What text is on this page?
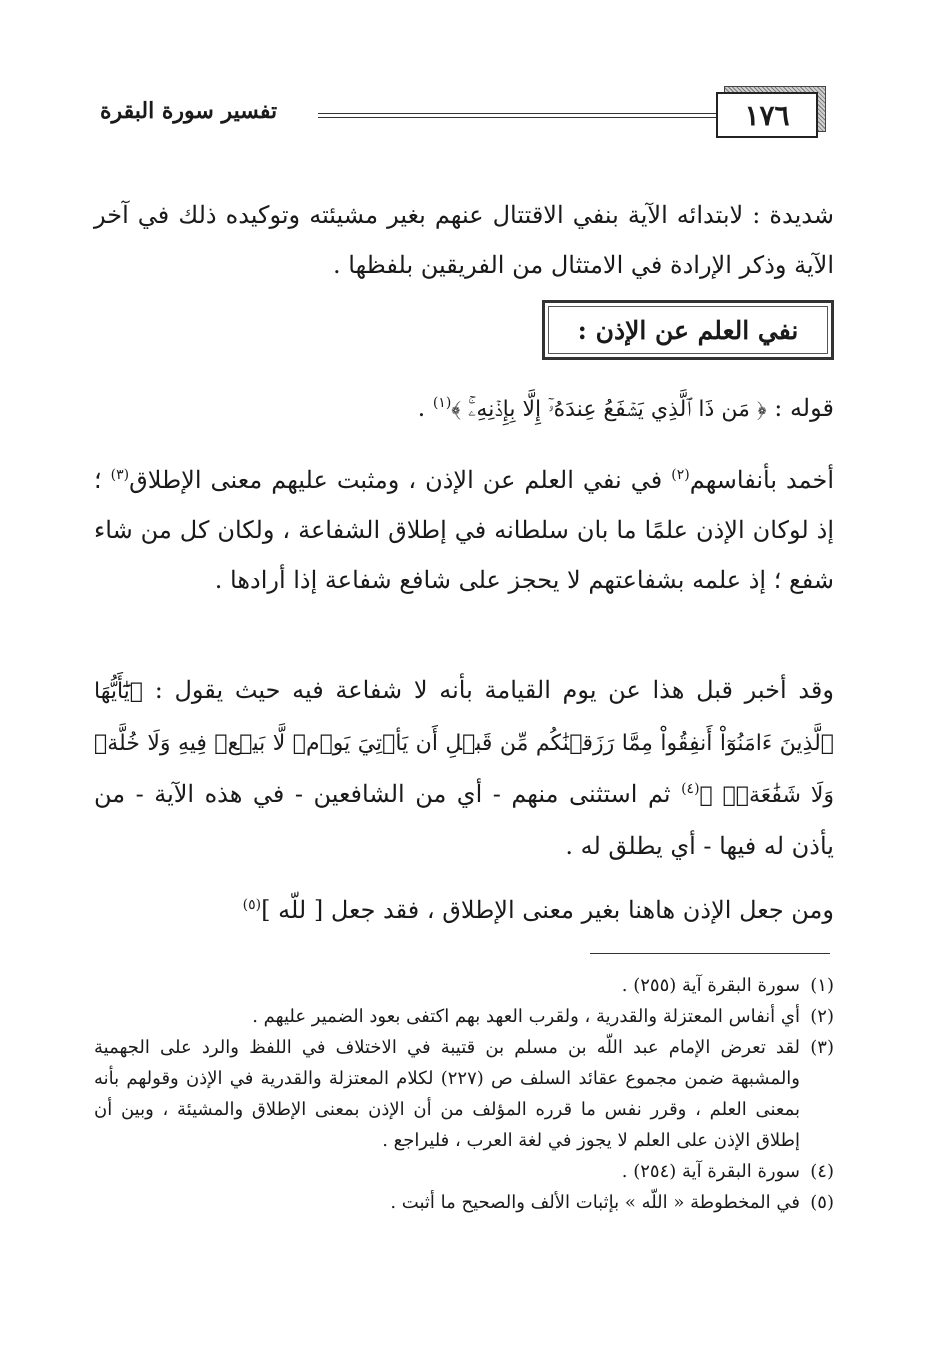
١٧٦
تفسير سورة البقرة
شديدة : لابتدائه الآية بنفي الاقتتال عنهم بغير مشيئته وتوكيده ذلك في آخر الآية وذكر الإرادة في الامتثال من الفريقين بلفظها .
نفي العلم عن الإذن :
قوله : ﴿ مَن ذَا ٱلَّذِي يَشۡفَعُ عِندَهُۥٓ إِلَّا بِإِذۡنِهِۦۚ ﴾$^{(١)}$ .
أخمد بأنفاسهم$^{(٢)}$ في نفي العلم عن الإذن ، ومثبت عليهم معنى الإطلاق$^{(٣)}$ ؛ إذ لوكان الإذن علمًا ما بان سلطانه في إطلاق الشفاعة ، ولكان كل من شاء شفع ؛ إذ علمه بشفاعتهم لا يحجز على شافع شفاعة إذا أرادها .
وقد أخبر قبل هذا عن يوم القيامة بأنه لا شفاعة فيه حيث يقول : ﴿يَٰٓأَيُّهَا ٱلَّذِينَ ءَامَنُوٓاْ أَنفِقُواْ مِمَّا رَزَقۡنَٰكُم مِّن قَبۡلِ أَن يَأۡتِيَ يَوۡمٞ لَّا بَيۡعٞ فِيهِ وَلَا خُلَّةٞ وَلَا شَفَٰعَةٞۗ ﴾$^{(٤)}$ ثم استثنى منهم - أي من الشافعين - في هذه الآية - من يأذن له فيها - أي يطلق له .
ومن جعل الإذن هاهنا بغير معنى الإطلاق ، فقد جعل [ للّه ]$^{(٥)}$
(١)
سورة البقرة آية (٢٥٥) .
(٢)
أي أنفاس المعتزلة والقدرية ، ولقرب العهد بهم اكتفى بعود الضمير عليهم .
(٣)
لقد تعرض الإمام عبد اللّه بن مسلم بن قتيبة في الاختلاف في اللفظ والرد على الجهمية والمشبهة ضمن مجموع عقائد السلف ص (٢٢٧) لكلام المعتزلة والقدرية في الإذن وقولهم بأنه بمعنى العلم ، وقرر نفس ما قرره المؤلف من أن الإذن بمعنى الإطلاق والمشيئة ، وبين أن إطلاق الإذن على العلم لا يجوز في لغة العرب ، فليراجع .
(٤)
سورة البقرة آية (٢٥٤) .
(٥)
في المخطوطة « اللّه » بإثبات الألف والصحيح ما أثبت .
